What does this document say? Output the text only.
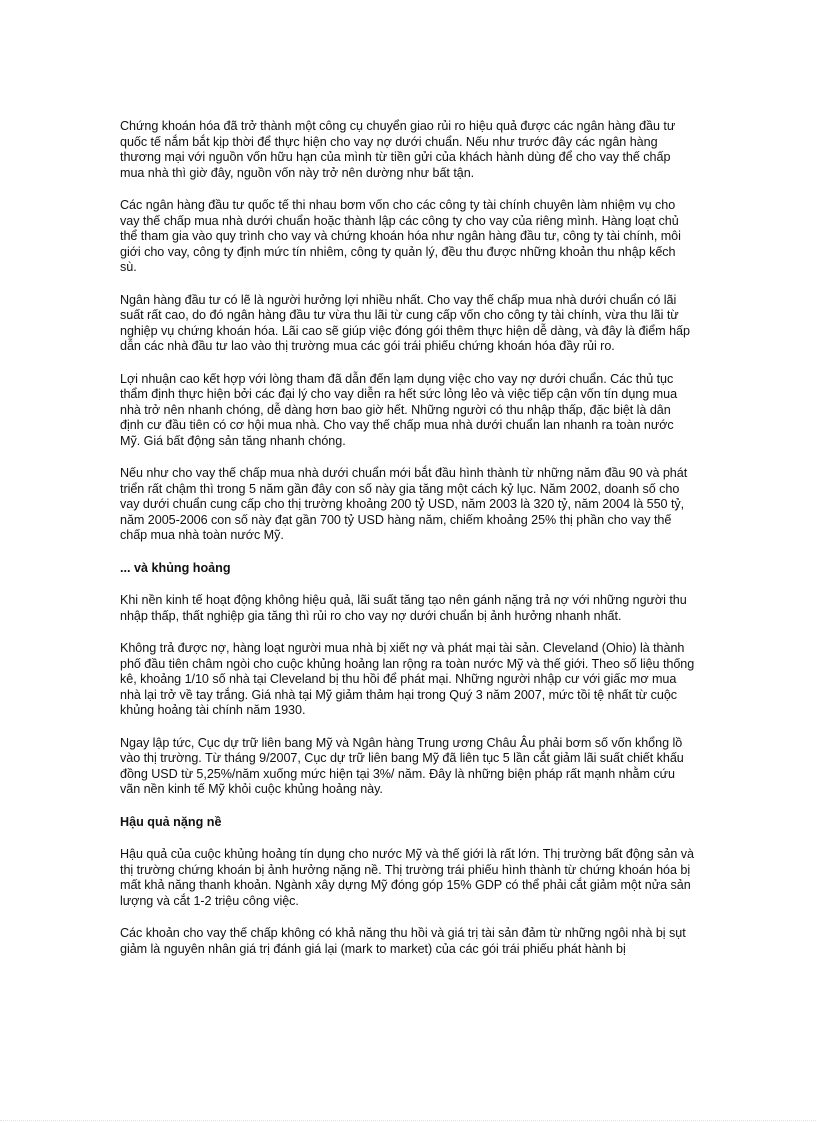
Chứng khoán hóa đã trở thành một công cụ chuyển giao rủi ro hiệu quả được các ngân hàng đầu tư quốc tế nắm bắt kịp thời để thực hiện cho vay nợ dưới chuẩn. Nếu như trước đây các ngân hàng thương mại với nguồn vốn hữu hạn của mình từ tiền gửi của khách hành dùng để cho vay thế chấp mua nhà thì giờ đây, nguồn vốn này trở nên dường như bất tận.

Các ngân hàng đầu tư quốc tế thi nhau bơm vốn cho các công ty tài chính chuyên làm nhiệm vụ cho vay thế chấp mua nhà dưới chuẩn hoặc thành lập các công ty cho vay của riêng mình. Hàng loạt chủ thể tham gia vào quy trình cho vay và chứng khoán hóa như ngân hàng đầu tư, công ty tài chính, môi giới cho vay, công ty định mức tín nhiêm, công ty quản lý, đều thu được những khoản thu nhập kếch sù.

Ngân hàng đầu tư có lẽ là người hưởng lợi nhiều nhất. Cho vay thế chấp mua nhà dưới chuẩn có lãi suất rất cao, do đó ngân hàng đầu tư vừa thu lãi từ cung cấp vốn cho công ty tài chính, vừa thu lãi từ nghiệp vụ chứng khoán hóa. Lãi cao sẽ giúp việc đóng gói thêm thực hiện dễ dàng, và đây là điểm hấp dẫn các nhà đầu tư lao vào thị trường mua các gói trái phiếu chứng khoán hóa đầy rủi ro.

Lợi nhuận cao kết hợp với lòng tham đã dẫn đến lạm dụng việc cho vay nợ dưới chuẩn. Các thủ tục thẩm định thực hiện bởi các đại lý cho vay diễn ra hết sức lỏng lẻo và việc tiếp cận vốn tín dụng mua nhà trở nên nhanh chóng, dễ dàng hơn bao giờ hết. Những người có thu nhập thấp, đặc biệt là dân định cư đầu tiên có cơ hội mua nhà. Cho vay thế chấp mua nhà dưới chuẩn lan nhanh ra toàn nước Mỹ. Giá bất động sản tăng nhanh chóng.

Nếu như cho vay thế chấp mua nhà dưới chuẩn mới bắt đầu hình thành từ những năm đầu 90 và phát triển rất chậm thì trong 5 năm gần đây con số này gia tăng một cách kỷ lục. Năm 2002, doanh số cho vay dưới chuẩn cung cấp cho thị trường khoảng 200 tỷ USD, năm 2003 là 320 tỷ, năm 2004 là 550 tỷ, năm 2005-2006 con số này đạt gần 700 tỷ USD hàng năm, chiếm khoảng 25% thị phần cho vay thế chấp mua nhà toàn nước Mỹ.

... và khủng hoảng

Khi nền kinh tế hoạt động không hiệu quả, lãi suất tăng tạo nên gánh nặng trả nợ với những người thu nhập thấp, thất nghiệp gia tăng thì rủi ro cho vay nợ dưới chuẩn bị ảnh hưởng nhanh nhất.

Không trả được nợ, hàng loạt người mua nhà bị xiết nợ và phát mại tài sản. Cleveland (Ohio) là thành phố đầu tiên châm ngòi cho cuộc khủng hoảng lan rộng ra toàn nước Mỹ và thế giới. Theo số liệu thống kê, khoảng 1/10 số nhà tại Cleveland bị thu hồi để phát mại. Những người nhập cư với giấc mơ mua nhà lại trở về tay trắng. Giá nhà tại Mỹ giảm thảm hại trong Quý 3 năm 2007, mức tồi tệ nhất từ cuộc khủng hoảng tài chính năm 1930.

Ngay lập tức, Cục dự trữ liên bang Mỹ và Ngân hàng Trung ương Châu Âu phải bơm số vốn khổng lồ vào thị trường. Từ tháng 9/2007, Cục dự trữ liên bang Mỹ đã liên tục 5 lần cắt giảm lãi suất chiết khấu đồng USD từ 5,25%/năm xuống mức hiện tại 3%/ năm. Đây là những biện pháp rất mạnh nhằm cứu vãn nền kinh tế Mỹ khỏi cuộc khủng hoảng này.

Hậu quả nặng nề

Hậu quả của cuộc khủng hoảng tín dụng cho nước Mỹ và thế giới là rất lớn. Thị trường bất động sản và thị trường chứng khoán bị ảnh hưởng nặng nề. Thị trường trái phiếu hình thành từ chứng khoán hóa bị mất khả năng thanh khoản. Ngành xây dựng Mỹ đóng góp 15% GDP có thể phải cắt giảm một nửa sản lượng và cắt 1-2 triệu công việc.

Các khoản cho vay thế chấp không có khả năng thu hồi và giá trị tài sản đảm từ những ngôi nhà bị sụt giảm là nguyên nhân giá trị đánh giá lại (mark to market) của các gói trái phiếu phát hành bị
